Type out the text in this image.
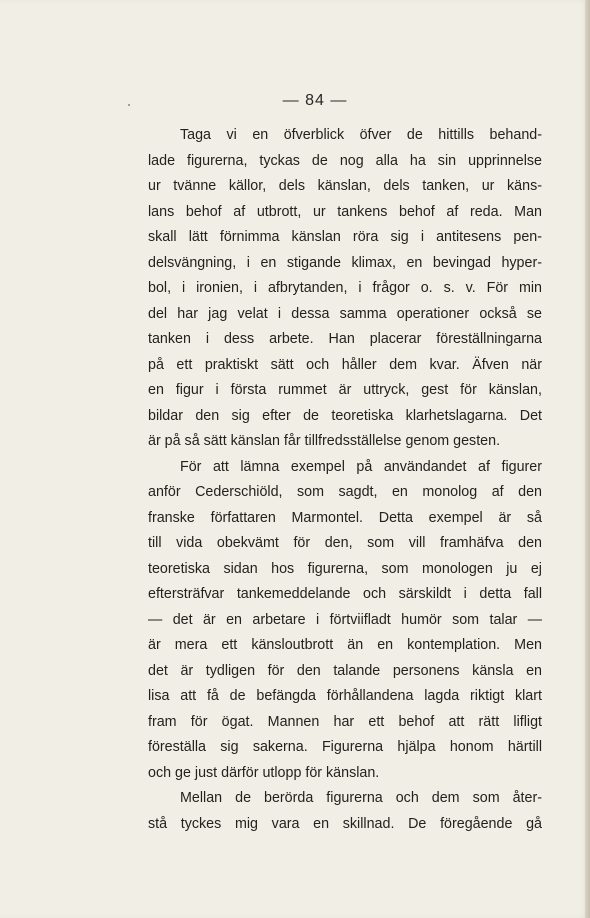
— 84 —
Taga vi en öfverblick öfver de hittills behand-
lade figurerna, tyckas de nog alla ha sin upprinnelse
ur tvänne källor, dels känslan, dels tanken, ur käns-
lans behof af utbrott, ur tankens behof af reda. Man
skall lätt förnimma känslan röra sig i antitesens pen-
delsvängning, i en stigande klimax, en bevingad hyper-
bol, i ironien, i afbrytanden, i frågor o. s. v. För min
del har jag velat i dessa samma operationer också se
tanken i dess arbete. Han placerar föreställningarna
på ett praktiskt sätt och håller dem kvar. Äfven när
en figur i första rummet är uttryck, gest för känslan,
bildar den sig efter de teoretiska klarhetslagarna. Det
är på så sätt känslan får tillfredsställelse genom gesten.
För att lämna exempel på användandet af figurer
anför Cederschiöld, som sagdt, en monolog af den
franske författaren Marmontel. Detta exempel är så
till vida obekvämt för den, som vill framhäfva den
teoretiska sidan hos figurerna, som monologen ju ej
eftersträfvar tankemeddelande och särskildt i detta fall
— det är en arbetare i förtviifladt humör som talar —
är mera ett känsloutbrott än en kontemplation. Men
det är tydligen för den talande personens känsla en
lisa att få de befängda förhållandena lagda riktigt klart
fram för ögat. Mannen har ett behof att rätt lifligt
föreställa sig sakerna. Figurerna hjälpa honom härtill
och ge just därför utlopp för känslan.
Mellan de berörda figurerna och dem som åter-
stå tyckes mig vara en skillnad. De föregående gå
